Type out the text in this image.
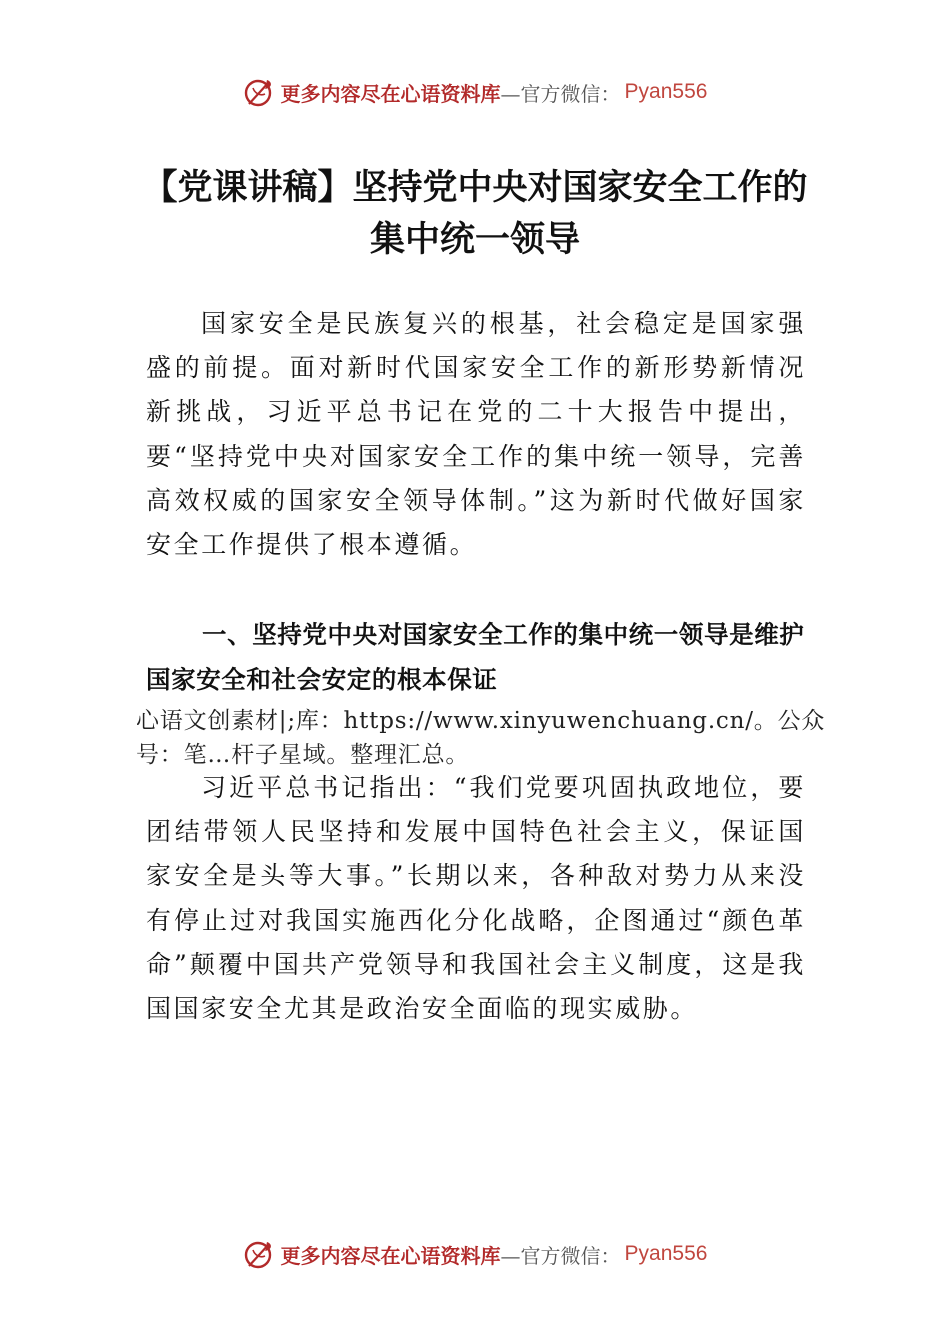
更多内容尽在心语资料库 —官方微信： Pyan556
【党课讲稿】坚持党中央对国家安全工作的
集中统一领导
国家安全是民族复兴的根基，社会稳定是国家强盛的前提。面对新时代国家安全工作的新形势新情况新挑战，习近平总书记在党的二十大报告中提出，要“坚持党中央对国家安全工作的集中统一领导，完善高效权威的国家安全领导体制。”这为新时代做好国家安全工作提供了根本遵循。
一、坚持党中央对国家安全工作的集中统一领导是维护国家安全和社会安定的根本保证
心语文创素材|;库：https://www.xinyuwenchuang.cn/。公众号：笔…杆子星域。整理汇总。
习近平总书记指出：“我们党要巩固执政地位，要团结带领人民坚持和发展中国特色社会主义，保证国家安全是头等大事。”长期以来，各种敌对势力从来没有停止过对我国实施西化分化战略，企图通过“颜色革命”颠覆中国共产党领导和我国社会主义制度，这是我国国家安全尤其是政治安全面临的现实威胁。
更多内容尽在心语资料库 —官方微信： Pyan556
